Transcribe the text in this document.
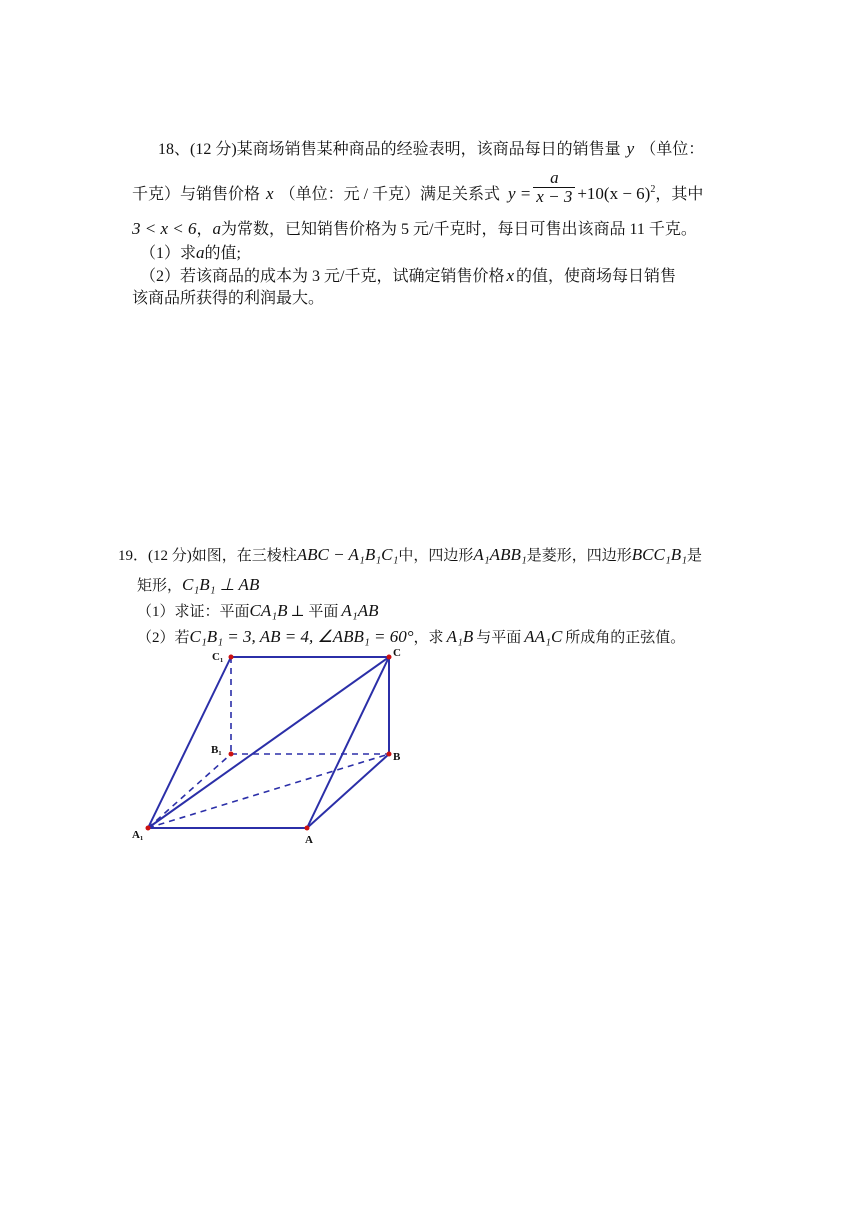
18、(12 分)某商场销售某种商品的经验表明，该商品每日的销售量 y （单位：
千克）与销售价格 x （单位：元 / 千克）满足关系式 $y = \frac{a}{x - 3} +10(x - 6)^2$，其中
3 < x < 6，a为常数，已知销售价格为 5 元/千克时，每日可售出该商品 11 千克。
（1）求a的值;
（2）若该商品的成本为 3 元/千克，试确定销售价格 x 的值，使商场每日销售
该商品所获得的利润最大。
19．(12 分)如图，在三棱柱ABC − A₁B₁C₁中，四边形A₁ABB₁是菱形，四边形BCC₁B₁是
矩形，C₁B₁ ⊥ AB
（1）求证：平面CA₁B ⊥ 平面 A₁AB
（2）若C₁B₁ = 3, AB = 4, ∠ABB₁ = 60°，求 A₁B 与平面 AA₁C 所成角的正弦值。
C₁	C
B₁
B
A₁	A
